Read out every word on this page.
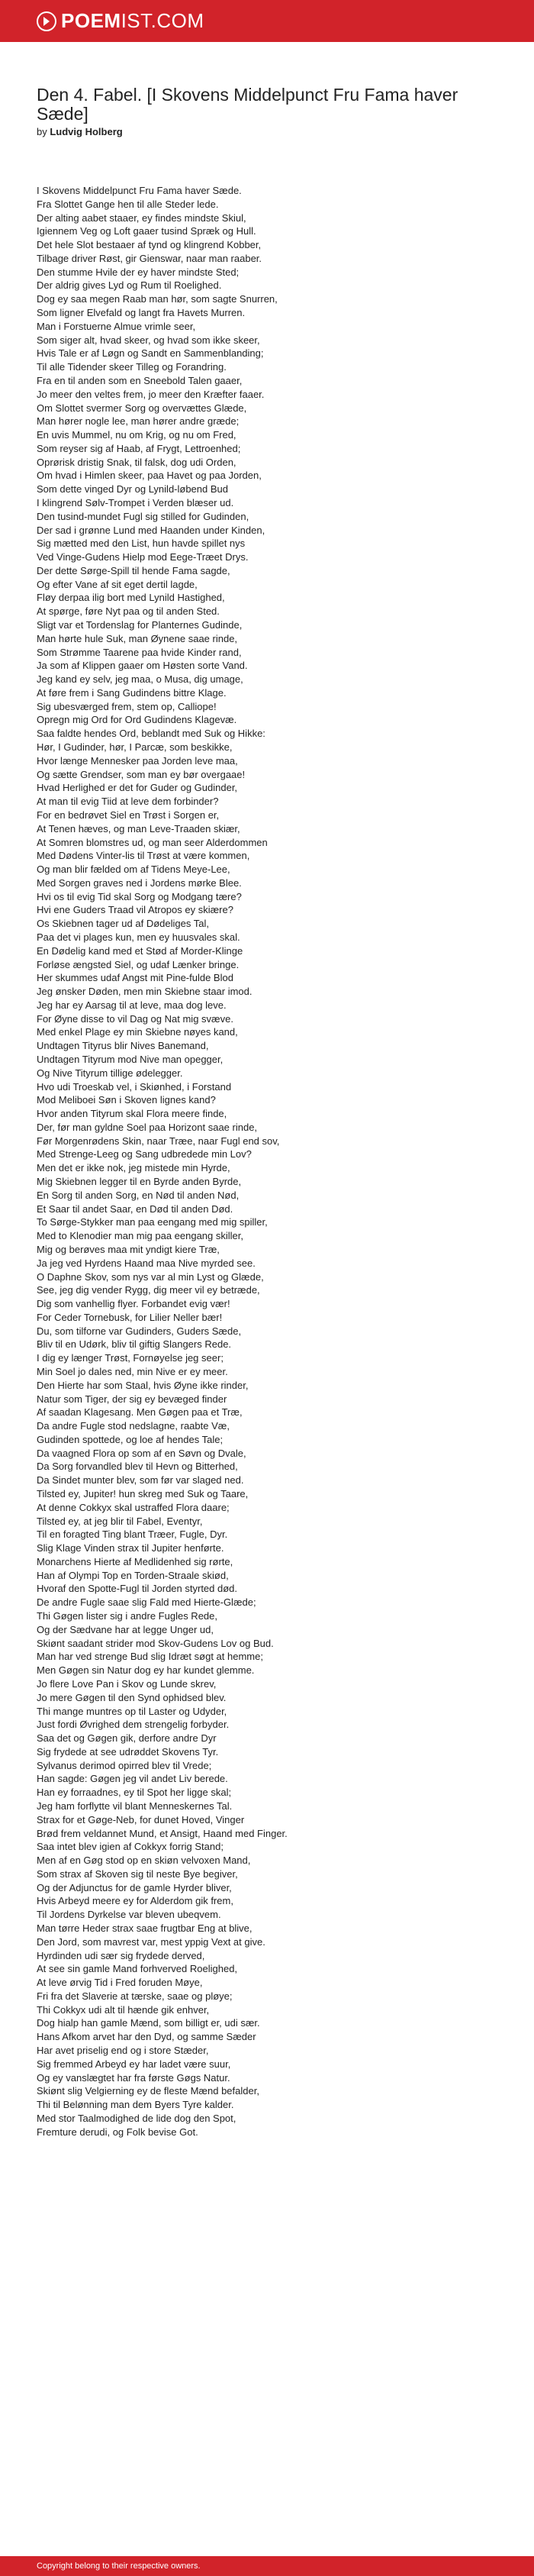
POEM IST.COM
Den 4. Fabel. [I Skovens Middelpunct Fru Fama haver Sæde]
by Ludvig Holberg
I Skovens Middelpunct Fru Fama haver Sæde.
Fra Slottet Gange hen til alle Steder lede.
Der alting aabet staaer, ey findes mindste Skiul,
Igiennem Veg og Loft gaaer tusind Spræk og Hull.
Det hele Slot bestaaer af tynd og klingrend Kobber,
Tilbage driver Røst, gir Gienswar, naar man raaber.
Den stumme Hvile der ey haver mindste Sted;
Der aldrig gives Lyd og Rum til Roelighed.
Dog ey saa megen Raab man hør, som sagte Snurren,
Som ligner Elvefald og langt fra Havets Murren.
Man i Forstuerne Almue vrimle seer,
Som siger alt, hvad skeer, og hvad som ikke skeer,
Hvis Tale er af Løgn og Sandt en Sammenblanding;
Til alle Tidender skeer Tilleg og Forandring.
Fra en til anden som en Sneebold Talen gaaer,
Jo meer den veltes frem, jo meer den Kræfter faaer.
Om Slottet svermer Sorg og overvættes Glæde,
Man hører nogle lee, man hører andre græde;
En uvis Mummel, nu om Krig, og nu om Fred,
Som reyser sig af Haab, af Frygt, Lettroenhed;
Oprørisk dristig Snak, til falsk, dog udi Orden,
Om hvad i Himlen skeer, paa Havet og paa Jorden,
Som dette vinged Dyr og Lynild-løbend Bud
I klingrend Sølv-Trompet i Verden blæser ud.
Den tusind-mundet Fugl sig stilled for Gudinden,
Der sad i grønne Lund med Haanden under Kinden,
Sig mætted med den List, hun havde spillet nys
Ved Vinge-Gudens Hielp mod Eege-Træet Drys.
Der dette Sørge-Spill til hende Fama sagde,
Og efter Vane af sit eget dertil lagde,
Fløy derpaa ilig bort med Lynild Hastighed,
At spørge, føre Nyt paa og til anden Sted.
Sligt var et Tordenslag for Planternes Gudinde,
Man hørte hule Suk, man Øynene saae rinde,
Som Strømme Taarene paa hvide Kinder rand,
Ja som af Klippen gaaer om Høsten sorte Vand.
Jeg kand ey selv, jeg maa, o Musa, dig umage,
At føre frem i Sang Gudindens bittre Klage.
Sig ubesværged frem, stem op, Calliope!
Opregn mig Ord for Ord Gudindens Klagevæ.
Saa faldte hendes Ord, beblandt med Suk og Hikke:
Hør, I Gudinder, hør, I Parcæ, som beskikke,
Hvor længe Mennesker paa Jorden leve maa,
Og sætte Grendser, som man ey bør overgaae!
Hvad Herlighed er det for Guder og Gudinder,
At man til evig Tiid at leve dem forbinder?
For en bedrøvet Siel en Trøst i Sorgen er,
At Tenen hæves, og man Leve-Traaden skiær,
At Somren blomstres ud, og man seer Alderdommen
Med Dødens Vinter-lis til Trøst at være kommen,
Og man blir fælded om af Tidens Meye-Lee,
Med Sorgen graves ned i Jordens mørke Blee.
Hvi os til evig Tid skal Sorg og Modgang tære?
Hvi ene Guders Traad vil Atropos ey skiære?
Os Skiebnen tager ud af Dødeliges Tal,
Paa det vi plages kun, men ey huusvales skal.
En Dødelig kand med et Stød af Morder-Klinge
Forløse ængsted Siel, og udaf Lænker bringe.
Her skummes udaf Angst mit Pine-fulde Blod
Jeg ønsker Døden, men min Skiebne staar imod.
Jeg har ey Aarsag til at leve, maa dog leve.
For Øyne disse to vil Dag og Nat mig svæve.
Med enkel Plage ey min Skiebne nøyes kand,
Undtagen Tityrus blir Nives Banemand,
Undtagen Tityrum mod Nive man opegger,
Og Nive Tityrum tillige ødelegger.
Hvo udi Troeskab vel, i Skiønhed, i Forstand
Mod Meliboei Søn i Skoven lignes kand?
Hvor anden Tityrum skal Flora meere finde,
Der, før man gyldne Soel paa Horizont saae rinde,
Før Morgenrødens Skin, naar Træe, naar Fugl end sov,
Med Strenge-Leeg og Sang udbredede min Lov?
Men det er ikke nok, jeg mistede min Hyrde,
Mig Skiebnen legger til en Byrde anden Byrde,
En Sorg til anden Sorg, en Nød til anden Nød,
Et Saar til andet Saar, en Død til anden Død.
To Sørge-Stykker man paa eengang med mig spiller,
Med to Klenodier man mig paa eengang skiller,
Mig og berøves maa mit yndigt kiere Træ,
Ja jeg ved Hyrdens Haand maa Nive myrded see.
O Daphne Skov, som nys var al min Lyst og Glæde,
See, jeg dig vender Rygg, dig meer vil ey betræde,
Dig som vanhellig flyer. Forbandet evig vær!
For Ceder Tornebusk, for Lilier Neller bær!
Du, som tilforne var Gudinders, Guders Sæde,
Bliv til en Udørk, bliv til giftig Slangers Rede.
I dig ey længer Trøst, Fornøyelse jeg seer;
Min Soel jo dales ned, min Nive er ey meer.
Den Hierte har som Staal, hvis Øyne ikke rinder,
Natur som Tiger, der sig ey bevæged finder
Af saadan Klagesang. Men Gøgen paa et Træ,
Da andre Fugle stod nedslagne, raabte Væ,
Gudinden spottede, og loe af hendes Tale;
Da vaagned Flora op som af en Søvn og Dvale,
Da Sorg forvandled blev til Hevn og Bitterhed,
Da Sindet munter blev, som før var slaged ned.
Tilsted ey, Jupiter! hun skreg med Suk og Taare,
At denne Cokkyx skal ustraffed Flora daare;
Tilsted ey, at jeg blir til Fabel, Eventyr,
Til en foragted Ting blant Træer, Fugle, Dyr.
Slig Klage Vinden strax til Jupiter henførte.
Monarchens Hierte af Medlidenhed sig rørte,
Han af Olympi Top en Torden-Straale skiød,
Hvoraf den Spotte-Fugl til Jorden styrted død.
De andre Fugle saae slig Fald med Hierte-Glæde;
Thi Gøgen lister sig i andre Fugles Rede,
Og der Sædvane har at legge Unger ud,
Skiønt saadant strider mod Skov-Gudens Lov og Bud.
Man har ved strenge Bud slig Idræt søgt at hemme;
Men Gøgen sin Natur dog ey har kundet glemme.
Jo flere Love Pan i Skov og Lunde skrev,
Jo mere Gøgen til den Synd ophidsed blev.
Thi mange muntres op til Laster og Udyder,
Just fordi Øvrighed dem strengelig forbyder.
Saa det og Gøgen gik, derfore andre Dyr
Sig frydede at see udrøddet Skovens Tyr.
Sylvanus derimod opirred blev til Vrede;
Han sagde: Gøgen jeg vil andet Liv berede.
Han ey forraadnes, ey til Spot her ligge skal;
Jeg ham forflytte vil blant Menneskernes Tal.
Strax for et Gøge-Neb, for dunet Hoved, Vinger
Brød frem veldannet Mund, et Ansigt, Haand med Finger.
Saa intet blev igien af Cokkyx forrig Stand;
Men af en Gøg stod op en skiøn velvoxen Mand,
Som strax af Skoven sig til neste Bye begiver,
Og der Adjunctus for de gamle Hyrder bliver,
Hvis Arbeyd meere ey for Alderdom gik frem,
Til Jordens Dyrkelse var bleven ubeqvem.
Man tørre Heder strax saae frugtbar Eng at blive,
Den Jord, som mavrest var, mest yppig Vext at give.
Hyrdinden udi sær sig frydede derved,
At see sin gamle Mand forhverved Roelighed,
At leve ørvig Tid i Fred foruden Møye,
Fri fra det Slaverie at tærske, saae og pløye;
Thi Cokkyx udi alt til hænde gik enhver,
Dog hialp han gamle Mænd, som billigt er, udi sær.
Hans Afkom arvet har den Dyd, og samme Sæder
Har avet priselig end og i store Stæder,
Sig fremmed Arbeyd ey har ladet være suur,
Og ey vanslægtet har fra første Gøgs Natur.
Skiønt slig Velgierning ey de fleste Mænd befalder,
Thi til Belønning man dem Byers Tyre kalder.
Med stor Taalmodighed de lide dog den Spot,
Fremture derudi, og Folk bevise Got.
Copyright belong to their respective owners.
